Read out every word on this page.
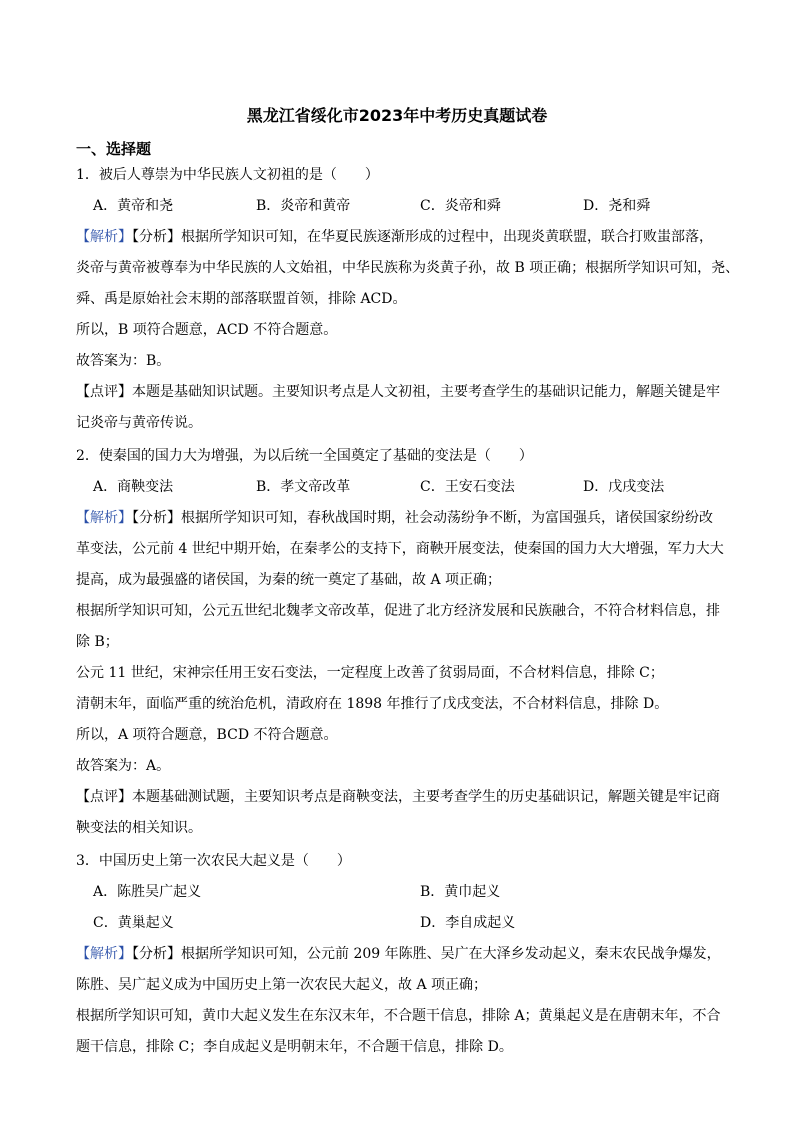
黑龙江省绥化市2023年中考历史真题试卷
一、选择题
1．被后人尊崇为中华民族人文初祖的是（　　）
A．黄帝和尧	B．炎帝和黄帝	C．炎帝和舜	D．尧和舜
【解析】【分析】根据所学知识可知，在华夏民族逐渐形成的过程中，出现炎黄联盟，联合打败蚩部落，
炎帝与黄帝被尊奉为中华民族的人文始祖，中华民族称为炎黄子孙，故 B 项正确；根据所学知识可知，尧、
舜、禹是原始社会末期的部落联盟首领，排除 ACD。
所以，B 项符合题意，ACD 不符合题意。
故答案为：B。
【点评】本题是基础知识试题。主要知识考点是人文初祖，主要考查学生的基础识记能力，解题关键是牢
记炎帝与黄帝传说。
2．使秦国的国力大为增强，为以后统一全国奠定了基础的变法是（　　）
A．商鞅变法	B．孝文帝改革	C．王安石变法	D．戊戌变法
【解析】【分析】根据所学知识可知，春秋战国时期，社会动荡纷争不断，为富国强兵，诸侯国家纷纷改
革变法，公元前 4 世纪中期开始，在秦孝公的支持下，商鞅开展变法，使秦国的国力大大增强，军力大大
提高，成为最强盛的诸侯国，为秦的统一奠定了基础，故 A 项正确；
根据所学知识可知，公元五世纪北魏孝文帝改革，促进了北方经济发展和民族融合，不符合材料信息，排
除 B；
公元 11 世纪，宋神宗任用王安石变法，一定程度上改善了贫弱局面，不合材料信息，排除 C；
清朝末年，面临严重的统治危机，清政府在 1898 年推行了戊戌变法，不合材料信息，排除 D。
所以，A 项符合题意，BCD 不符合题意。
故答案为：A。
【点评】本题基础测试题，主要知识考点是商鞅变法，主要考查学生的历史基础识记，解题关键是牢记商
鞅变法的相关知识。
3．中国历史上第一次农民大起义是（　　）
A．陈胜吴广起义	B．黄巾起义
C．黄巢起义	D．李自成起义
【解析】【分析】根据所学知识可知，公元前 209 年陈胜、吴广在大泽乡发动起义，秦末农民战争爆发，
陈胜、吴广起义成为中国历史上第一次农民大起义，故 A 项正确；
根据所学知识可知，黄巾大起义发生在东汉末年，不合题干信息，排除 A；黄巢起义是在唐朝末年，不合
题干信息，排除 C；李自成起义是明朝末年，不合题干信息，排除 D。
